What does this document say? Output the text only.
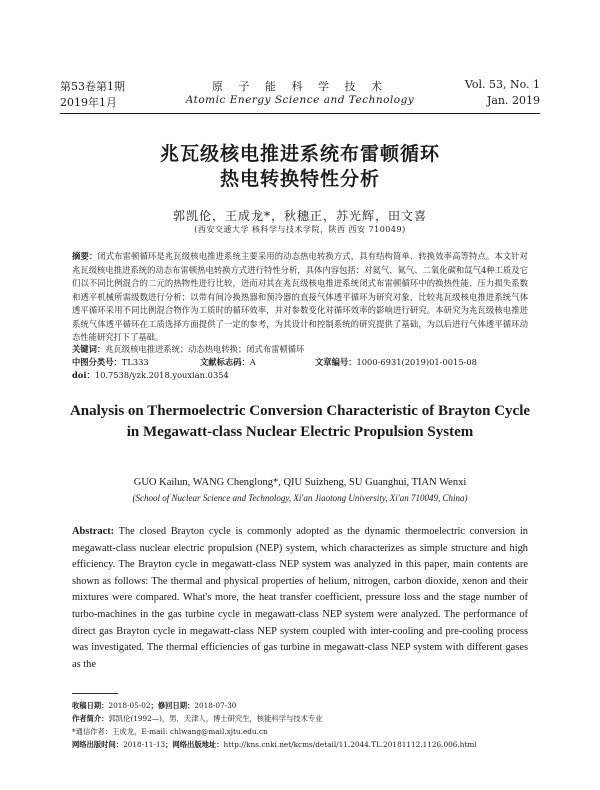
第53卷第1期	原 子 能 科 学 技 术	Vol. 53, No. 1
2019年1月	Atomic Energy Science and Technology	Jan. 2019
兆瓦级核电推进系统布雷顿循环
热电转换特性分析
郭凯伦，王成龙*，秋穗正，苏光辉，田文喜
(西安交通大学 核科学与技术学院，陕西 西安 710049)
摘要：闭式布雷顿循环是兆瓦级核电推进系统主要采用的动态热电转换方式，具有结构简单、转换效率高等特点。本文针对兆瓦级核电推进系统的动态布雷顿热电转换方式进行特性分析，具体内容包括：对氦气、氮气、二氧化碳和氙气4种工质及它们以不同比例混合的二元的热物性进行比较，进而对其在兆瓦级核电推进系统闭式布雷顿循环中的换热性能、压力损失系数和透平机械所需级数进行分析；以带有间冷换热器和预冷器的直接气体透平循环为研究对象，比较兆瓦级核电推进系统气体透平循环采用不同比例混合物作为工质时的循环效率，并对参数变化对循环效率的影响进行研究。本研究为兆瓦级核电推进系统气体透平循环在工质选择方面提供了一定的参考，为其设计和控制系统的研究提供了基础，为以后进行气体透平循环动态性能研究打下了基础。
关键词：兆瓦级核电推进系统；动态热电转换；闭式布雷顿循环
中图分类号：TL333	文献标志码：A	文章编号：1000-6931(2019)01-0015-08
doi：10.7538/yzk.2018.youxian.0354
Analysis on Thermoelectric Conversion Characteristic of Brayton Cycle
in Megawatt-class Nuclear Electric Propulsion System
GUO Kailun, WANG Chenglong*, QIU Suizheng, SU Guanghui, TIAN Wenxi
(School of Nuclear Science and Technology, Xi'an Jiaotong University, Xi'an 710049, China)
Abstract: The closed Brayton cycle is commonly adopted as the dynamic thermoelectric conversion in megawatt-class nuclear electric propulsion (NEP) system, which characterizes as simple structure and high efficiency. The Brayton cycle in megawatt-class NEP system was analyzed in this paper, main contents are shown as follows: The thermal and physical properties of helium, nitrogen, carbon dioxide, xenon and their mixtures were compared. What's more, the heat transfer coefficient, pressure loss and the stage number of turbo-machines in the gas turbine cycle in megawatt-class NEP system were analyzed. The performance of direct gas Brayton cycle in megawatt-class NEP system coupled with inter-cooling and pre-cooling process was investigated. The thermal efficiencies of gas turbine in megawatt-class NEP system with different gases as the
收稿日期：2018-05-02；修回日期：2018-07-30
作者简介：郭凯伦(1992—)，男，天津人，博士研究生，核能科学与技术专业
*通信作者：王成龙，E-mail: chlwang@mail.xjtu.edu.cn
网络出版时间：2018-11-13；网络出版地址：http://kns.cnki.net/kcms/detail/11.2044.TL.20181112.1126.006.html
